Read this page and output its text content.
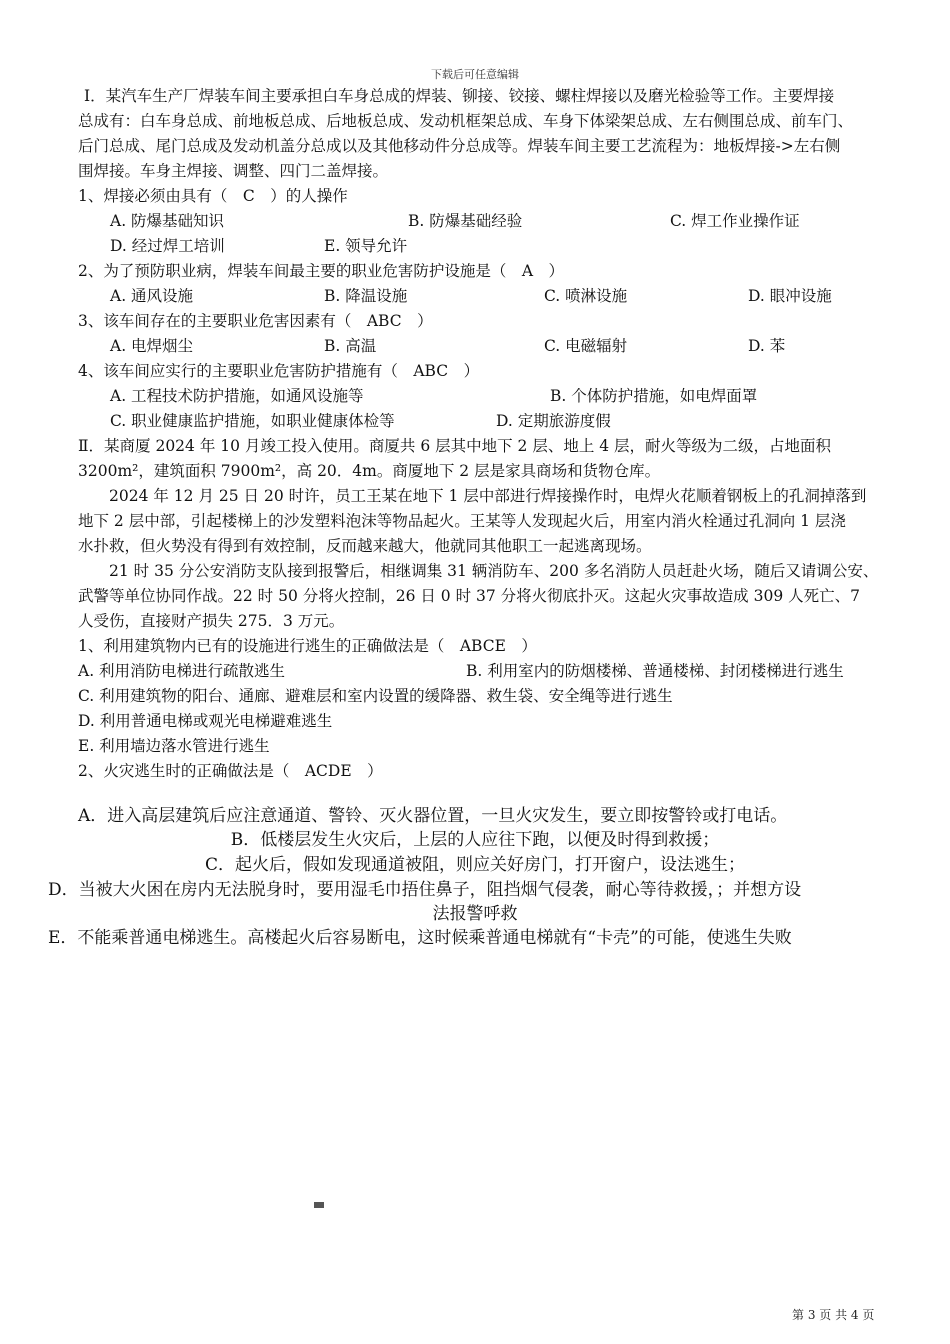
下载后可任意编辑
Ⅰ．某汽车生产厂焊装车间主要承担白车身总成的焊装、铆接、铰接、螺柱焊接以及磨光检验等工作。主要焊接
总成有：白车身总成、前地板总成、后地板总成、发动机框架总成、车身下体梁架总成、左右侧围总成、前车门、
后门总成、尾门总成及发动机盖分总成以及其他移动件分总成等。焊装车间主要工艺流程为：地板焊接->左右侧
围焊接。车身主焊接、调整、四门二盖焊接。
1、焊接必须由具有（　C　）的人操作
A. 防爆基础知识	B. 防爆基础经验	C. 焊工作业操作证
D. 经过焊工培训	E. 领导允许
2、为了预防职业病，焊装车间最主要的职业危害防护设施是（　A　）
A. 通风设施	B. 降温设施	C. 喷淋设施	D. 眼冲设施
3、该车间存在的主要职业危害因素有（　ABC　）
A. 电焊烟尘	B. 高温	C. 电磁辐射	D. 苯
4、该车间应实行的主要职业危害防护措施有（　ABC　）
A. 工程技术防护措施，如通风设施等	B. 个体防护措施，如电焊面罩
C. 职业健康监护措施，如职业健康体检等	D. 定期旅游度假
Ⅱ．某商厦 2024 年 10 月竣工投入使用。商厦共 6 层其中地下 2 层、地上 4 层，耐火等级为二级，占地面积
3200m²，建筑面积 7900m²，高 20．4m。商厦地下 2 层是家具商场和货物仓库。
　　2024 年 12 月 25 日 20 时许，员工王某在地下 1 层中部进行焊接操作时，电焊火花顺着钢板上的孔洞掉落到
地下 2 层中部，引起楼梯上的沙发塑料泡沫等物品起火。王某等人发现起火后，用室内消火栓通过孔洞向 1 层浇
水扑救，但火势没有得到有效控制，反而越来越大，他就同其他职工一起逃离现场。
　　21 时 35 分公安消防支队接到报警后，相继调集 31 辆消防车、200 多名消防人员赶赴火场，随后又请调公安、
武警等单位协同作战。22 时 50 分将火控制，26 日 0 时 37 分将火彻底扑灭。这起火灾事故造成 309 人死亡、7
人受伤，直接财产损失 275．3 万元。
1、利用建筑物内已有的设施进行逃生的正确做法是（　ABCE　）
A. 利用消防电梯进行疏散逃生	B. 利用室内的防烟楼梯、普通楼梯、封闭楼梯进行逃生
C. 利用建筑物的阳台、通廊、避难层和室内设置的缓降器、救生袋、安全绳等进行逃生
D. 利用普通电梯或观光电梯避难逃生
E. 利用墙边落水管进行逃生
2、火灾逃生时的正确做法是（　ACDE　）
A．进入高层建筑后应注意通道、警铃、灭火器位置，一旦火灾发生，要立即按警铃或打电话。
B．低楼层发生火灾后，上层的人应往下跑，以便及时得到救援；
C．起火后，假如发现通道被阻，则应关好房门，打开窗户，设法逃生；
D．当被大火困在房内无法脱身时，要用湿毛巾捂住鼻子，阻挡烟气侵袭，耐心等待救援，；并想方设
法报警呼救
E．不能乘普通电梯逃生。高楼起火后容易断电，这时候乘普通电梯就有“卡壳”的可能，使逃生失败
第 3 页 共 4 页
